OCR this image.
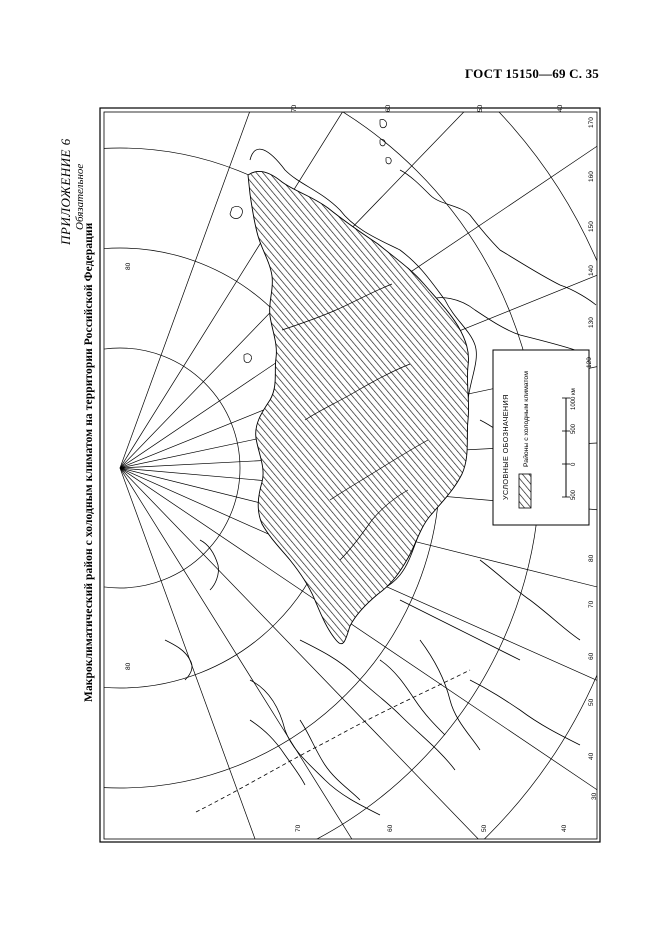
ГОСТ 15150—69 С. 35
ПРИЛОЖЕНИЕ 6 Обязательное
Макроклиматический район с холодным климатом на территории Российской Федерации	УСЛОВНЫЕ ОБОЗНАЧЕНИЯ Районы с холодным климатом
500
0
500
1000 км
80
70	60	50	40
30
80
70	60	50	40
40
50
60
70
80
130
140
150
160
170
120
